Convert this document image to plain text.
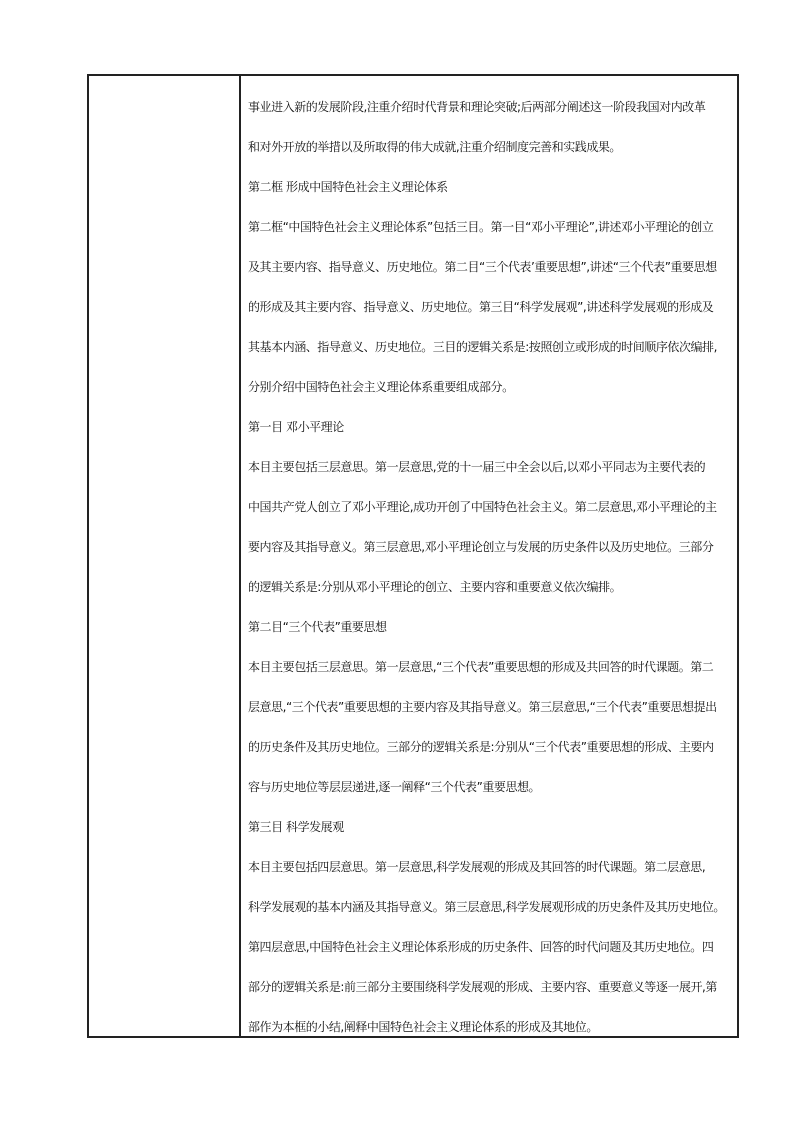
事业进入新的发展阶段,注重介绍时代背景和理论突破;后两部分阐述这一阶段我国对内改革
和对外开放的举措以及所取得的伟大成就,注重介绍制度完善和实践成果。
第二框 形成中国特色社会主义理论体系
第二框“中国特色社会主义理论体系”包括三目。第一目“邓小平理论”,讲述邓小平理论的创立
及其主要内容、指导意义、历史地位。第二目“三个代表’重要思想”,讲述“三个代表”重要思想
的形成及其主要内容、指导意义、历史地位。第三目“科学发展观”,讲述科学发展观的形成及
其基本内涵、指导意义、历史地位。三目的逻辑关系是:按照创立或形成的时间顺序依次编排,
分别介绍中国特色社会主义理论体系重要组成部分。
第一目 邓小平理论
本目主要包括三层意思。第一层意思,党的十一届三中全会以后,以邓小平同志为主要代表的
中国共产党人创立了邓小平理论,成功开创了中国特色社会主义。第二层意思,邓小平理论的主
要内容及其指导意义。第三层意思,邓小平理论创立与发展的历史条件以及历史地位。三部分
的逻辑关系是:分别从邓小平理论的创立、主要内容和重要意义依次编排。
第二目“三个代表”重要思想
本目主要包括三层意思。第一层意思,“三个代表”重要思想的形成及共回答的时代课题。第二
层意思,“三个代表”重要思想的主要内容及其指导意义。第三层意思,“三个代表”重要思想提出
的历史条件及其历史地位。三部分的逻辑关系是:分别从“三个代表”重要思想的形成、主要内
容与历史地位等层层递进,逐一阐释“三个代表”重要思想。
第三目 科学发展观
本目主要包括四层意思。第一层意思,科学发展观的形成及其回答的时代课题。第二层意思,
科学发展观的基本内涵及其指导意义。第三层意思,科学发展观形成的历史条件及其历史地位。
第四层意思,中国特色社会主义理论体系形成的历史条件、回答的时代问题及其历史地位。四
部分的逻辑关系是:前三部分主要围绕科学发展观的形成、主要内容、重要意义等逐一展开,第
部作为本框的小结,阐释中国特色社会主义理论体系的形成及其地位。
